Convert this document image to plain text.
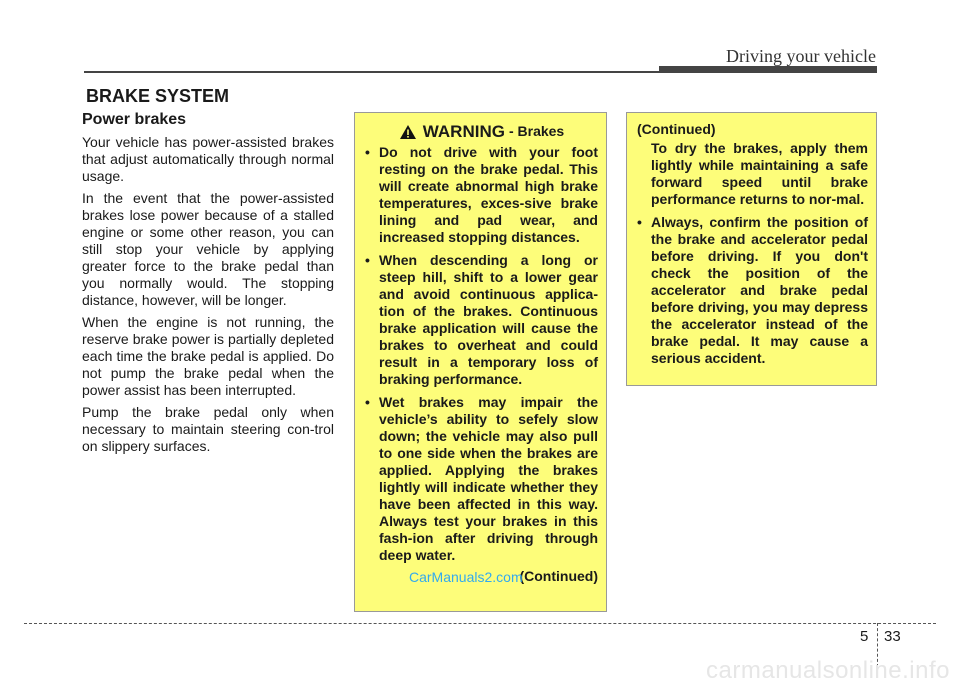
Driving your vehicle
BRAKE SYSTEM
Power brakes

Your vehicle has power-assisted brakes that adjust automatically through normal usage.

In the event that the power-assisted brakes lose power because of a stalled engine or some other reason, you can still stop your vehicle by applying greater force to the brake pedal than you normally would. The stopping distance, however, will be longer.

When the engine is not running, the reserve brake power is partially depleted each time the brake pedal is applied. Do not pump the brake pedal when the power assist has been interrupted.

Pump the brake pedal only when necessary to maintain steering con-trol on slippery surfaces.

WARNING - Brakes
• Do not drive with your foot resting on the brake pedal. This will create abnormal high brake temperatures, exces-sive brake lining and pad wear, and increased stopping distances.
• When descending a long or steep hill, shift to a lower gear and avoid continuous applica-tion of the brakes. Continuous brake application will cause the brakes to overheat and could result in a temporary loss of braking performance.
• Wet brakes may impair the vehicle’s ability to sefely slow down; the vehicle may also pull to one side when the brakes are applied. Applying the brakes lightly will indicate whether they have been affected in this way. Always test your brakes in this fash-ion after driving through deep water.
(Continued)
(Continued)
To dry the brakes, apply them lightly while maintaining a safe forward speed until brake performance returns to nor-mal.
• Always, confirm the position of the brake and accelerator pedal before driving. If you don't check the position of the accelerator and brake pedal before driving, you may depress the accelerator instead of the brake pedal. It may cause a serious accident.
CarManuals2.com
5 33
carmanualsonline.info
